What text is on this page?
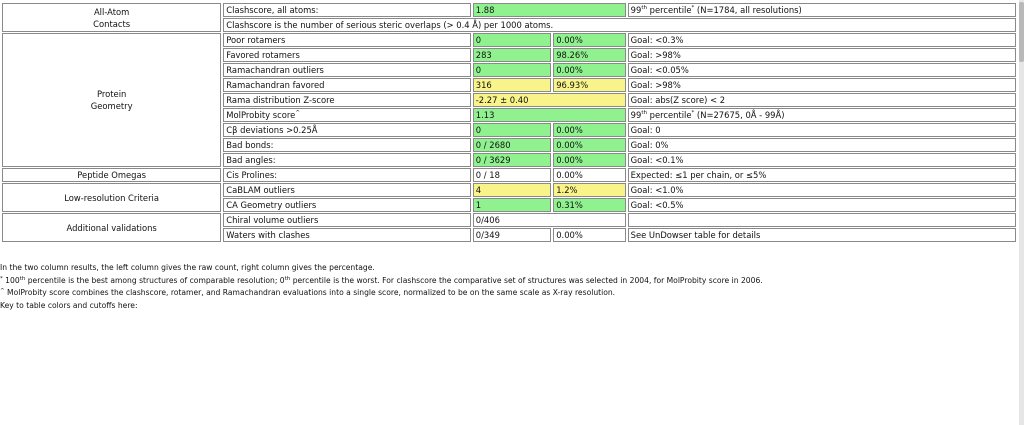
All-Atom
Contacts	Clashscore, all atoms:	1.88		99th percentile* (N=1784, all resolutions)
	Clashscore is the number of serious steric overlaps (> 0.4 Å) per 1000 atoms.			
Protein
Geometry	Poor rotamers	0	0.00%	Goal: <0.3%
	Favored rotamers	283	98.26%	Goal: >98%
	Ramachandran outliers	0	0.00%	Goal: <0.05%
	Ramachandran favored	316	96.93%	Goal: >98%
	Rama distribution Z-score	-2.27 ± 0.40		Goal: abs(Z score) < 2
	MolProbity score^	1.13		99th percentile* (N=27675, 0Å - 99Å)
	Cβ deviations >0.25Å	0	0.00%	Goal: 0
	Bad bonds:	0 / 2680	0.00%	Goal: 0%
	Bad angles:	0 / 3629	0.00%	Goal: <0.1%
Peptide Omegas	Cis Prolines:	0 / 18	0.00%	Expected: ≤1 per chain, or ≤5%
Low-resolution Criteria	CaBLAM outliers	4	1.2%	Goal: <1.0%
	CA Geometry outliers	1	0.31%	Goal: <0.5%
Additional validations	Chiral volume outliers	0/406		
	Waters with clashes	0/349	0.00%	See UnDowser table for details
In the two column results, the left column gives the raw count, right column gives the percentage.
* 100th percentile is the best among structures of comparable resolution; 0th percentile is the worst. For clashscore the comparative set of structures was selected in 2004, for MolProbity score in 2006.
^ MolProbity score combines the clashscore, rotamer, and Ramachandran evaluations into a single score, normalized to be on the same scale as X-ray resolution.
Key to table colors and cutoffs here:
